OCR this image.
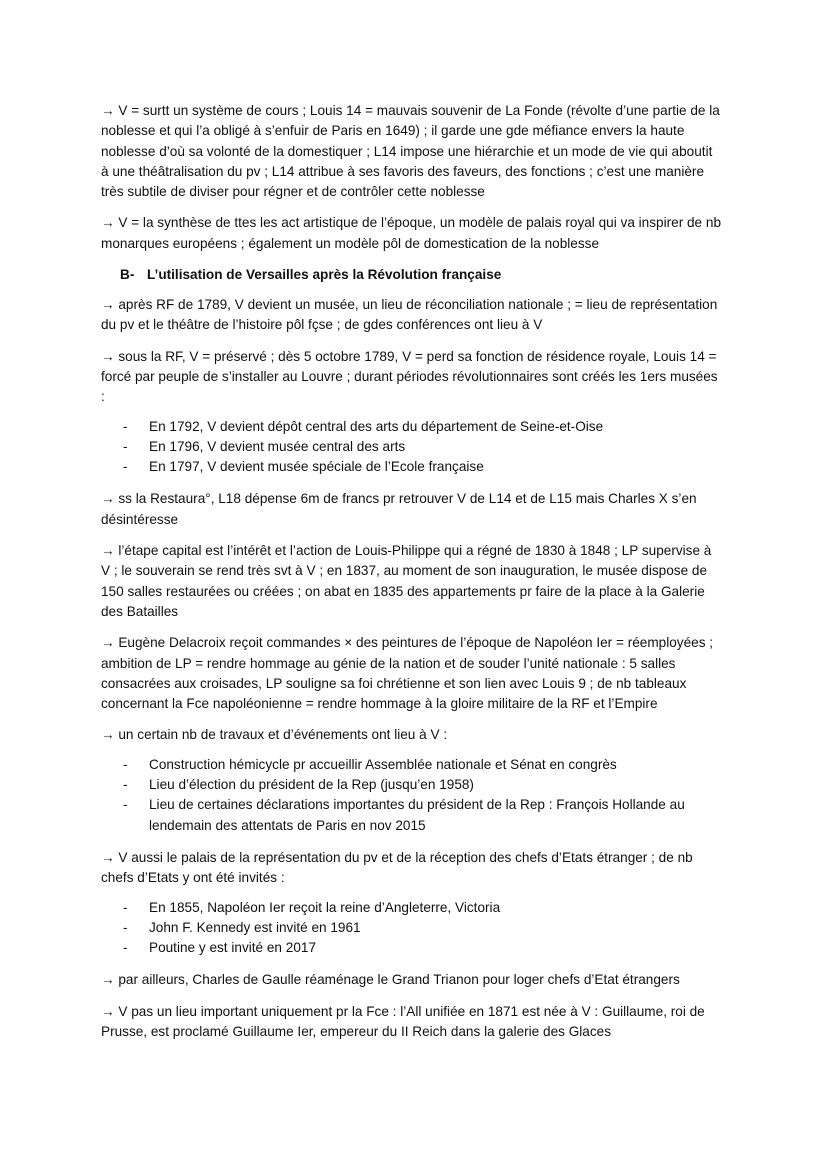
→ V = surtt un système de cours ; Louis 14 = mauvais souvenir de La Fonde (révolte d’une partie de la noblesse et qui l’a obligé à s’enfuir de Paris en 1649) ; il garde une gde méfiance envers la haute noblesse d’où sa volonté de la domestiquer ; L14 impose une hiérarchie et un mode de vie qui aboutit à une théâtralisation du pv ; L14 attribue à ses favoris des faveurs, des fonctions ; c’est une manière très subtile de diviser pour régner et de contrôler cette noblesse

→ V = la synthèse de ttes les act artistique de l’époque, un modèle de palais royal qui va inspirer de nb monarques européens ; également un modèle pôl de domestication de la noblesse

B- L’utilisation de Versailles après la Révolution française

→ après RF de 1789, V devient un musée, un lieu de réconciliation nationale ; = lieu de représentation du pv et le théâtre de l’histoire pôl fçse ; de gdes conférences ont lieu à V

→ sous la RF, V = préservé ; dès 5 octobre 1789, V = perd sa fonction de résidence royale, Louis 14 = forcé par peuple de s’installer au Louvre ; durant périodes révolutionnaires sont créés les 1ers musées :

- En 1792, V devient dépôt central des arts du département de Seine-et-Oise
- En 1796, V devient musée central des arts
- En 1797, V devient musée spéciale de l’Ecole française

→ ss la Restaura°, L18 dépense 6m de francs pr retrouver V de L14 et de L15 mais Charles X s’en désintéresse

→ l’étape capital est l’intérêt et l’action de Louis-Philippe qui a régné de 1830 à 1848 ; LP supervise à V ; le souverain se rend très svt à V ; en 1837, au moment de son inauguration, le musée dispose de 150 salles restaurées ou créées ; on abat en 1835 des appartements pr faire de la place à la Galerie des Batailles

→ Eugène Delacroix reçoit commandes × des peintures de l’époque de Napoléon Ier = réemployées ; ambition de LP = rendre hommage au génie de la nation et de souder l’unité nationale : 5 salles consacrées aux croisades, LP souligne sa foi chrétienne et son lien avec Louis 9 ; de nb tableaux concernant la Fce napoléonienne = rendre hommage à la gloire militaire de la RF et l’Empire

→ un certain nb de travaux et d’événements ont lieu à V :

- Construction hémicycle pr accueillir Assemblée nationale et Sénat en congrès
- Lieu d’élection du président de la Rep (jusqu’en 1958)
- Lieu de certaines déclarations importantes du président de la Rep : François Hollande au lendemain des attentats de Paris en nov 2015

→ V aussi le palais de la représentation du pv et de la réception des chefs d’Etats étranger ; de nb chefs d’Etats y ont été invités :

- En 1855, Napoléon Ier reçoit la reine d’Angleterre, Victoria
- John F. Kennedy est invité en 1961
- Poutine y est invité en 2017

→ par ailleurs, Charles de Gaulle réaménage le Grand Trianon pour loger chefs d’Etat étrangers

→ V pas un lieu important uniquement pr la Fce : l’All unifiée en 1871 est née à V : Guillaume, roi de Prusse, est proclamé Guillaume Ier, empereur du II Reich dans la galerie des Glaces
